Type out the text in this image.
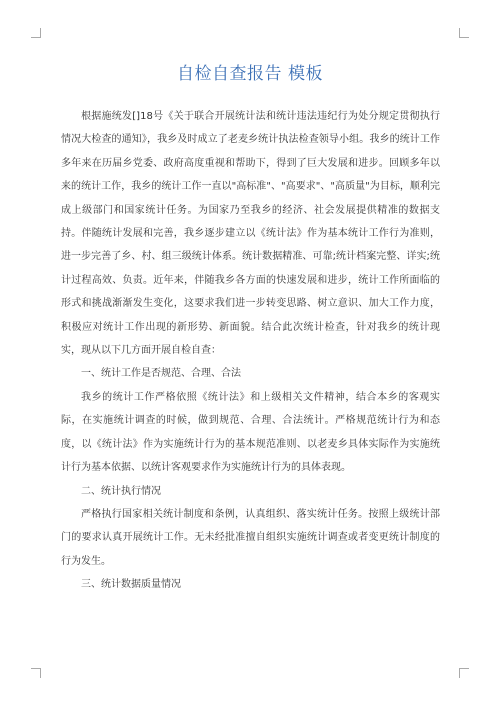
自检自查报告 模板

根据施统发[]18号《关于联合开展统计法和统计违法违纪行为处分规定贯彻执行情况大检查的通知》，我乡及时成立了老麦乡统计执法检查领导小组。我乡的统计工作多年来在历届乡党委、政府高度重视和帮助下，得到了巨大发展和进步。回顾多年以来的统计工作，我乡的统计工作一直以"高标准"、"高要求"、"高质量"为目标，顺利完成上级部门和国家统计任务。为国家乃至我乡的经济、社会发展提供精准的数据支持。伴随统计发展和完善，我乡逐步建立以《统计法》作为基本统计工作行为准则，进一步完善了乡、村、组三级统计体系。统计数据精准、可靠;统计档案完整、详实;统计过程高效、负责。近年来，伴随我乡各方面的快速发展和进步，统计工作所面临的形式和挑战渐渐发生变化，这要求我们进一步转变思路、树立意识、加大工作力度，积极应对统计工作出现的新形势、新面貌。结合此次统计检查，针对我乡的统计现实，现从以下几方面开展自检自查：

一、统计工作是否规范、合理、合法

我乡的统计工作严格依照《统计法》和上级相关文件精神，结合本乡的客观实际，在实施统计调查的时候，做到规范、合理、合法统计。严格规范统计行为和态度，以《统计法》作为实施统计行为的基本规范准则、以老麦乡具体实际作为实施统计行为基本依据、以统计客观要求作为实施统计行为的具体表现。

二、统计执行情况

严格执行国家相关统计制度和条例，认真组织、落实统计任务。按照上级统计部门的要求认真开展统计工作。无未经批准擅自组织实施统计调查或者变更统计制度的行为发生。

三、统计数据质量情况
